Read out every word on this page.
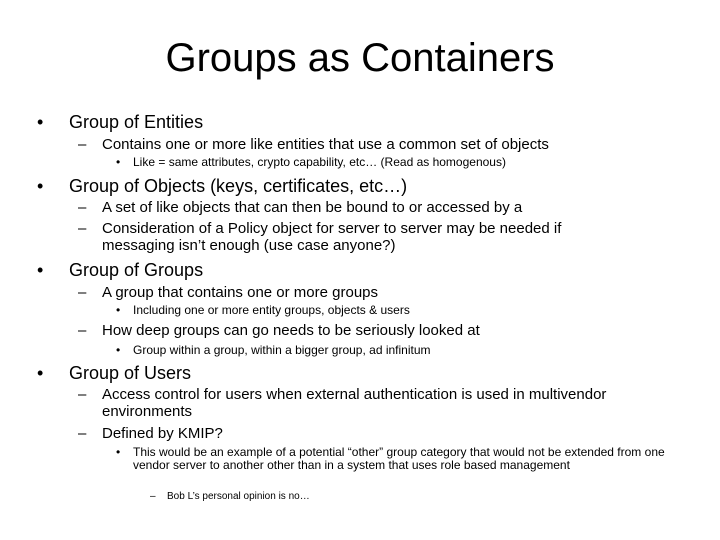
Groups as Containers
• Group of Entities
– Contains one or more like entities that use a common set of objects
• Like = same attributes, crypto capability, etc… (Read as homogenous)
• Group of Objects (keys, certificates, etc…)
– A set of like objects that can then be bound to or accessed by a
– Consideration of a Policy object for server to server may be needed if messaging isn’t enough (use case anyone?)
• Group of Groups
– A group that contains one or more groups
• Including one or more entity groups, objects & users
– How deep groups can go needs to be seriously looked at
• Group within a group, within a bigger group, ad infinitum
• Group of Users
– Access control for users when external authentication is used in multivendor environments
– Defined by KMIP?
• This would be an example of a potential “other” group category that would not be extended from one vendor server to another other than in a system that uses role based management
– Bob L’s personal opinion is no…
